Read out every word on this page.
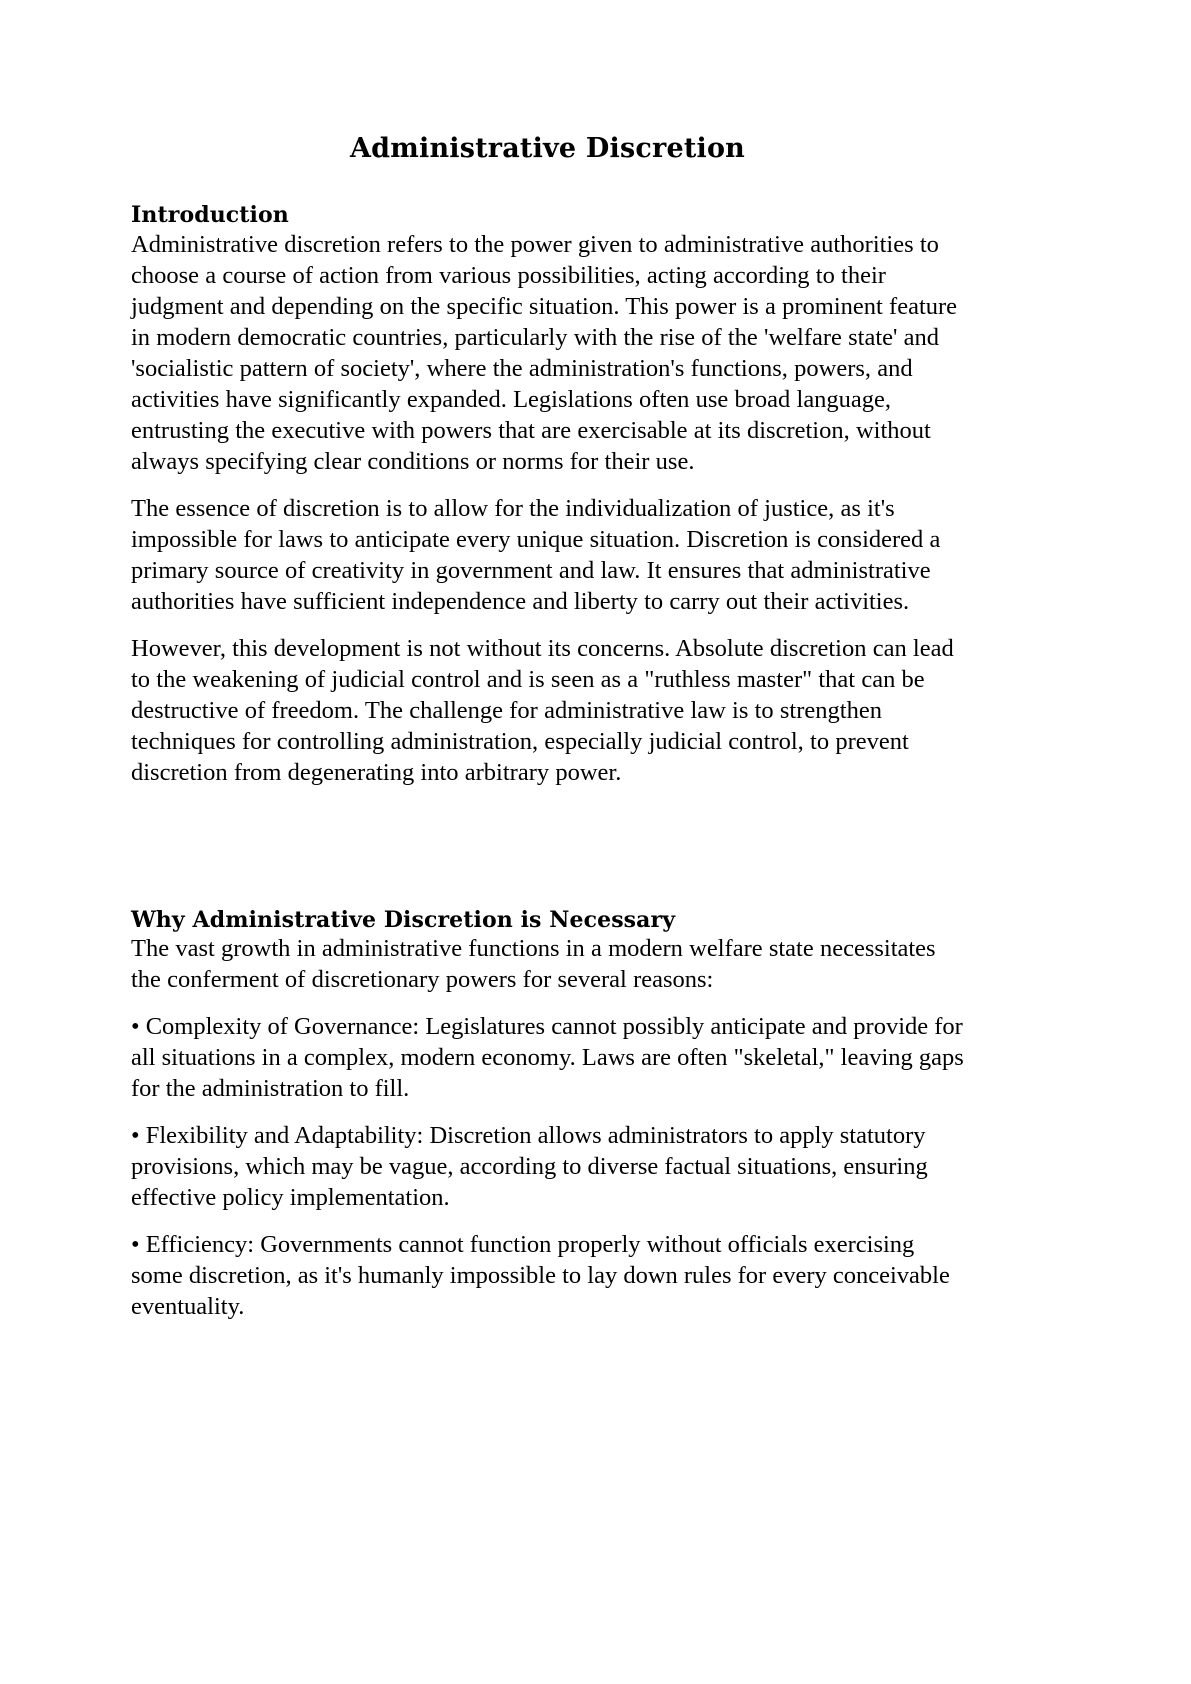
Administrative Discretion
Introduction

Administrative discretion refers to the power given to administrative authorities to choose a course of action from various possibilities, acting according to their judgment and depending on the specific situation. This power is a prominent feature in modern democratic countries, particularly with the rise of the 'welfare state' and 'socialistic pattern of society', where the administration's functions, powers, and activities have significantly expanded. Legislations often use broad language, entrusting the executive with powers that are exercisable at its discretion, without always specifying clear conditions or norms for their use.

The essence of discretion is to allow for the individualization of justice, as it's impossible for laws to anticipate every unique situation. Discretion is considered a primary source of creativity in government and law. It ensures that administrative authorities have sufficient independence and liberty to carry out their activities.

However, this development is not without its concerns. Absolute discretion can lead to the weakening of judicial control and is seen as a "ruthless master" that can be destructive of freedom. The challenge for administrative law is to strengthen techniques for controlling administration, especially judicial control, to prevent discretion from degenerating into arbitrary power.

Why Administrative Discretion is Necessary

The vast growth in administrative functions in a modern welfare state necessitates the conferment of discretionary powers for several reasons:

• Complexity of Governance: Legislatures cannot possibly anticipate and provide for all situations in a complex, modern economy. Laws are often "skeletal," leaving gaps for the administration to fill.

• Flexibility and Adaptability: Discretion allows administrators to apply statutory provisions, which may be vague, according to diverse factual situations, ensuring effective policy implementation.

• Efficiency: Governments cannot function properly without officials exercising some discretion, as it's humanly impossible to lay down rules for every conceivable eventuality.
